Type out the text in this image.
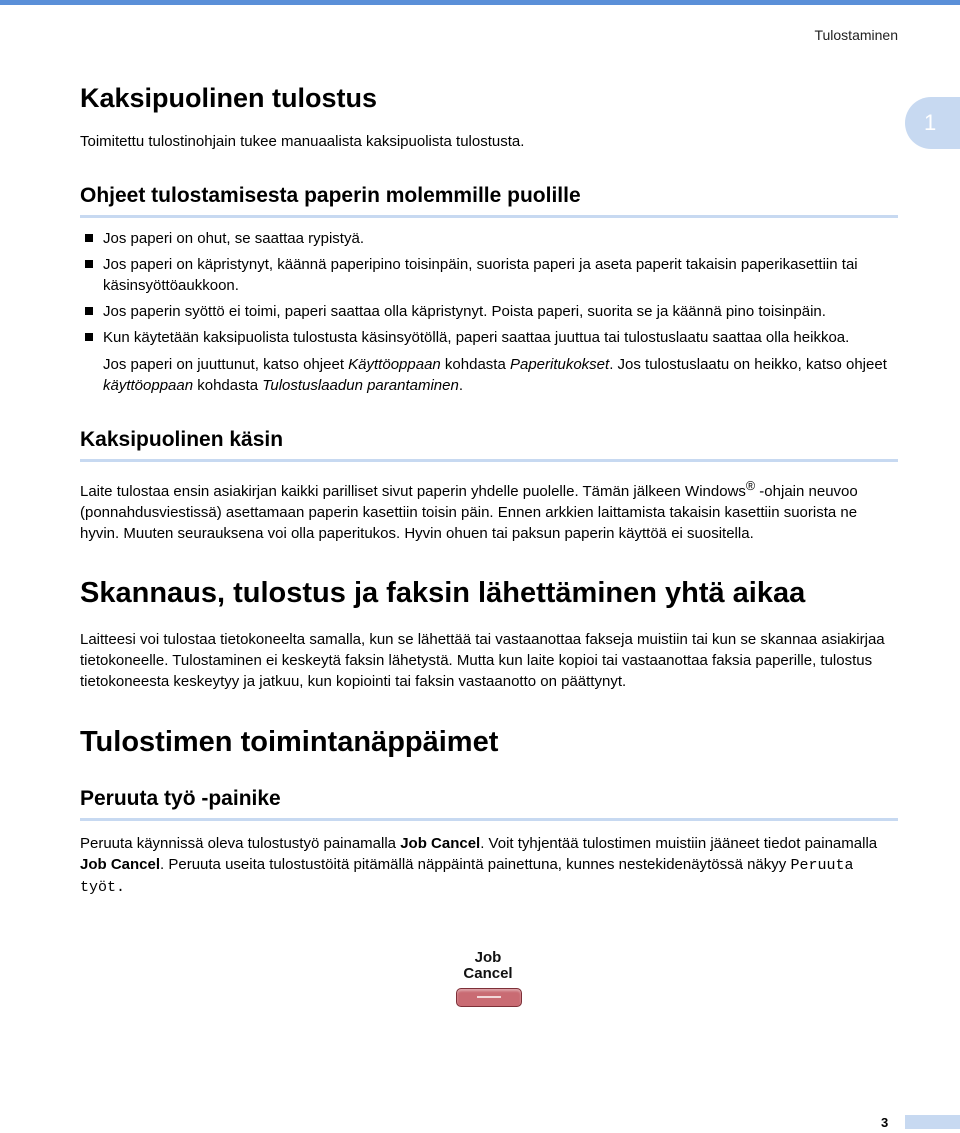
Tulostaminen
1
Kaksipuolinen tulostus

Toimitettu tulostinohjain tukee manuaalista kaksipuolista tulostusta.

Ohjeet tulostamisesta paperin molemmille puolille
Jos paperi on ohut, se saattaa rypistyä.
Jos paperi on käpristynyt, käännä paperipino toisinpäin, suorista paperi ja aseta paperit takaisin paperikasettiin tai käsinsyöttöaukkoon.
Jos paperin syöttö ei toimi, paperi saattaa olla käpristynyt. Poista paperi, suorita se ja käännä pino toisinpäin.
Kun käytetään kaksipuolista tulostusta käsinsyötöllä, paperi saattaa juuttua tai tulostuslaatu saattaa olla heikkoa.

Jos paperi on juuttunut, katso ohjeet Käyttöoppaan kohdasta Paperitukokset. Jos tulostuslaatu on heikko, katso ohjeet käyttöoppaan kohdasta Tulostuslaadun parantaminen.

Kaksipuolinen käsin

Laite tulostaa ensin asiakirjan kaikki parilliset sivut paperin yhdelle puolelle. Tämän jälkeen Windows® -ohjain neuvoo (ponnahdusviestissä) asettamaan paperin kasettiin toisin päin. Ennen arkkien laittamista takaisin kasettiin suorista ne hyvin. Muuten seurauksena voi olla paperitukos. Hyvin ohuen tai paksun paperin käyttöä ei suositella.

Skannaus, tulostus ja faksin lähettäminen yhtä aikaa

Laitteesi voi tulostaa tietokoneelta samalla, kun se lähettää tai vastaanottaa fakseja muistiin tai kun se skannaa asiakirjaa tietokoneelle. Tulostaminen ei keskeytä faksin lähetystä. Mutta kun laite kopioi tai vastaanottaa faksia paperille, tulostus tietokoneesta keskeytyy ja jatkuu, kun kopiointi tai faksin vastaanotto on päättynyt.

Tulostimen toimintanäppäimet
Peruuta työ -painike

Peruuta käynnissä oleva tulostustyö painamalla Job Cancel. Voit tyhjentää tulostimen muistiin jääneet tiedot painamalla Job Cancel. Peruuta useita tulostustöitä pitämällä näppäintä painettuna, kunnes nestekidenäytössä näkyy Peruuta työt.

Job
Cancel
3
